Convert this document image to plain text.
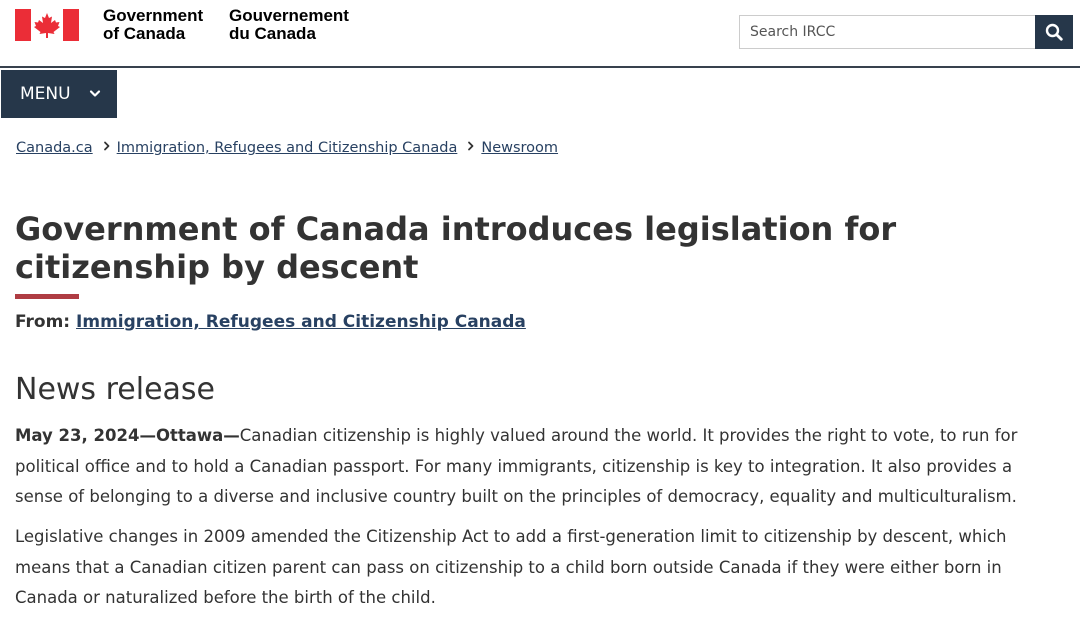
Government
of Canada
Gouvernement
du Canada
Search IRCC
MENU
Canada.ca Immigration, Refugees and Citizenship Canada Newsroom
Government of Canada introduces legislation for citizenship by descent
From: Immigration, Refugees and Citizenship Canada
News release

May 23, 2024—Ottawa—Canadian citizenship is highly valued around the world. It provides the right to vote, to run for
political office and to hold a Canadian passport. For many immigrants, citizenship is key to integration. It also provides a
sense of belonging to a diverse and inclusive country built on the principles of democracy, equality and multiculturalism.

Legislative changes in 2009 amended the Citizenship Act to add a first-generation limit to citizenship by descent, which
means that a Canadian citizen parent can pass on citizenship to a child born outside Canada if they were either born in
Canada or naturalized before the birth of the child.
